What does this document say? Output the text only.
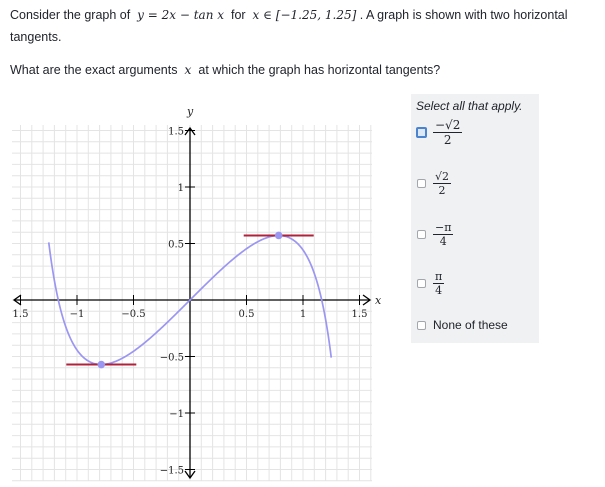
Consider the graph of y = 2x − tan x for x ∈ [−1.25, 1.25] . A graph is shown with two horizontal tangents.
What are the exact arguments x at which the graph has horizontal tangents?
x
y
1.5	−1	−0.5	0.5	1	1.5
1.5
1
0.5
−0.5
−1
−1.5
Select all that apply.
$\frac{-√2}{2}$
$\frac{√2}{2}$
$\frac{-\pi}{4}$
$\frac{\pi}{4}$
None of these
